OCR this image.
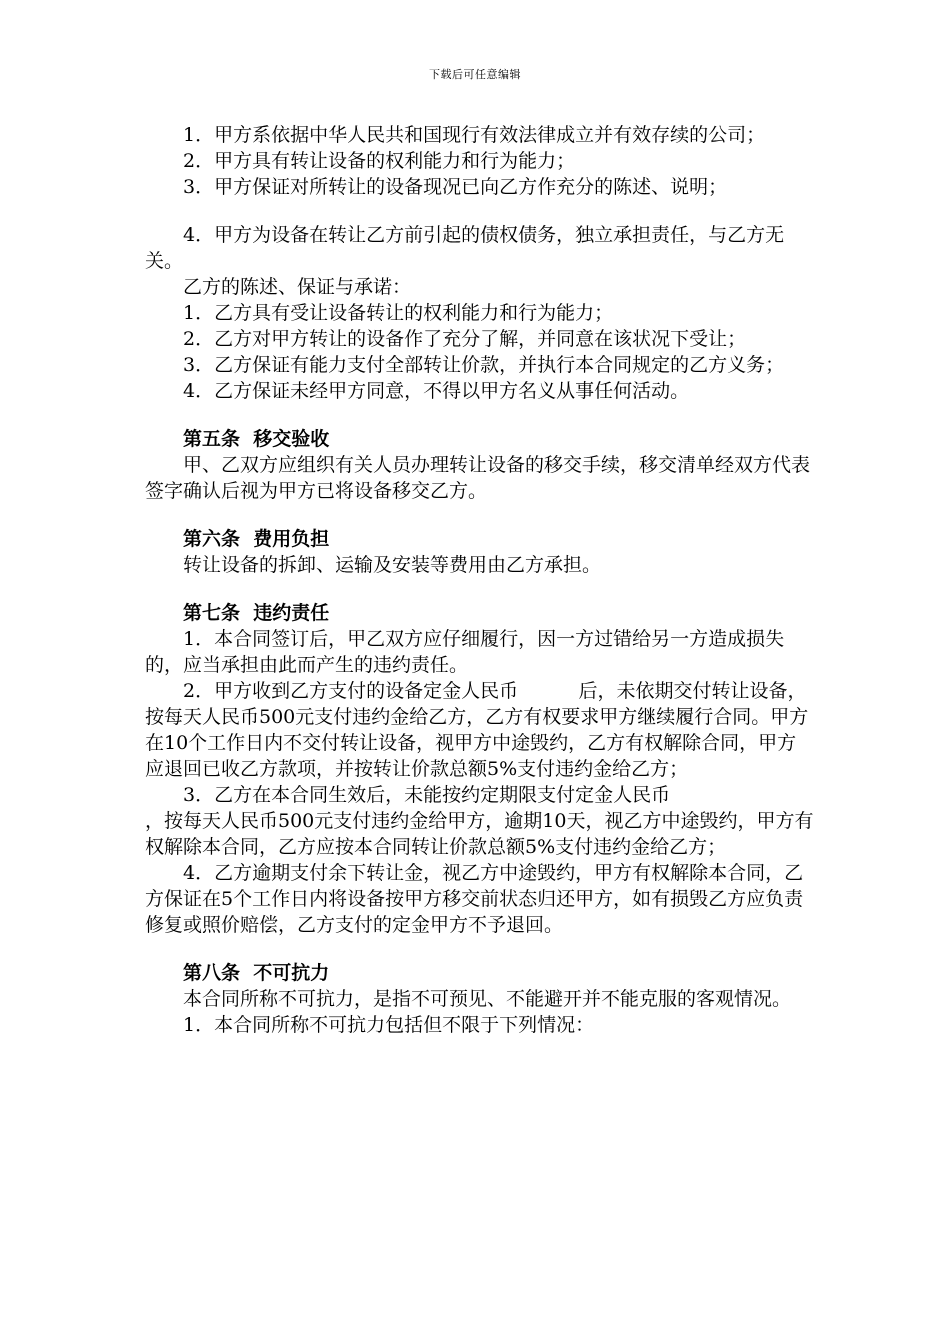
下载后可任意编辑

1．甲方系依据中华人民共和国现行有效法律成立并有效存续的公司；

2．甲方具有转让设备的权利能力和行为能力；

3．甲方保证对所转让的设备现况已向乙方作充分的陈述、说明；

4．甲方为设备在转让乙方前引起的债权债务，独立承担责任，与乙方无关。

乙方的陈述、保证与承诺：

1．乙方具有受让设备转让的权利能力和行为能力；

2．乙方对甲方转让的设备作了充分了解，并同意在该状况下受让；

3．乙方保证有能力支付全部转让价款，并执行本合同规定的乙方义务；

4．乙方保证未经甲方同意，不得以甲方名义从事任何活动。

第五条  移交验收

甲、乙双方应组织有关人员办理转让设备的移交手续，移交清单经双方代表签字确认后视为甲方已将设备移交乙方。

第六条  费用负担

转让设备的拆卸、运输及安装等费用由乙方承担。

第七条  违约责任

1．本合同签订后，甲乙双方应仔细履行，因一方过错给另一方造成损失的，应当承担由此而产生的违约责任。

2．甲方收到乙方支付的设备定金人民币          后，未依期交付转让设备，按每天人民币500元支付违约金给乙方，乙方有权要求甲方继续履行合同。甲方在10个工作日内不交付转让设备，视甲方中途毁约，乙方有权解除合同，甲方应退回已收乙方款项，并按转让价款总额5%支付违约金给乙方；

3．乙方在本合同生效后，未能按约定期限支付定金人民币

，按每天人民币500元支付违约金给甲方，逾期10天，视乙方中途毁约，甲方有权解除本合同，乙方应按本合同转让价款总额5%支付违约金给乙方；

4．乙方逾期支付余下转让金，视乙方中途毁约，甲方有权解除本合同，乙方保证在5个工作日内将设备按甲方移交前状态归还甲方，如有损毁乙方应负责修复或照价赔偿，乙方支付的定金甲方不予退回。

第八条  不可抗力

本合同所称不可抗力，是指不可预见、不能避开并不能克服的客观情况。

1．本合同所称不可抗力包括但不限于下列情况：
